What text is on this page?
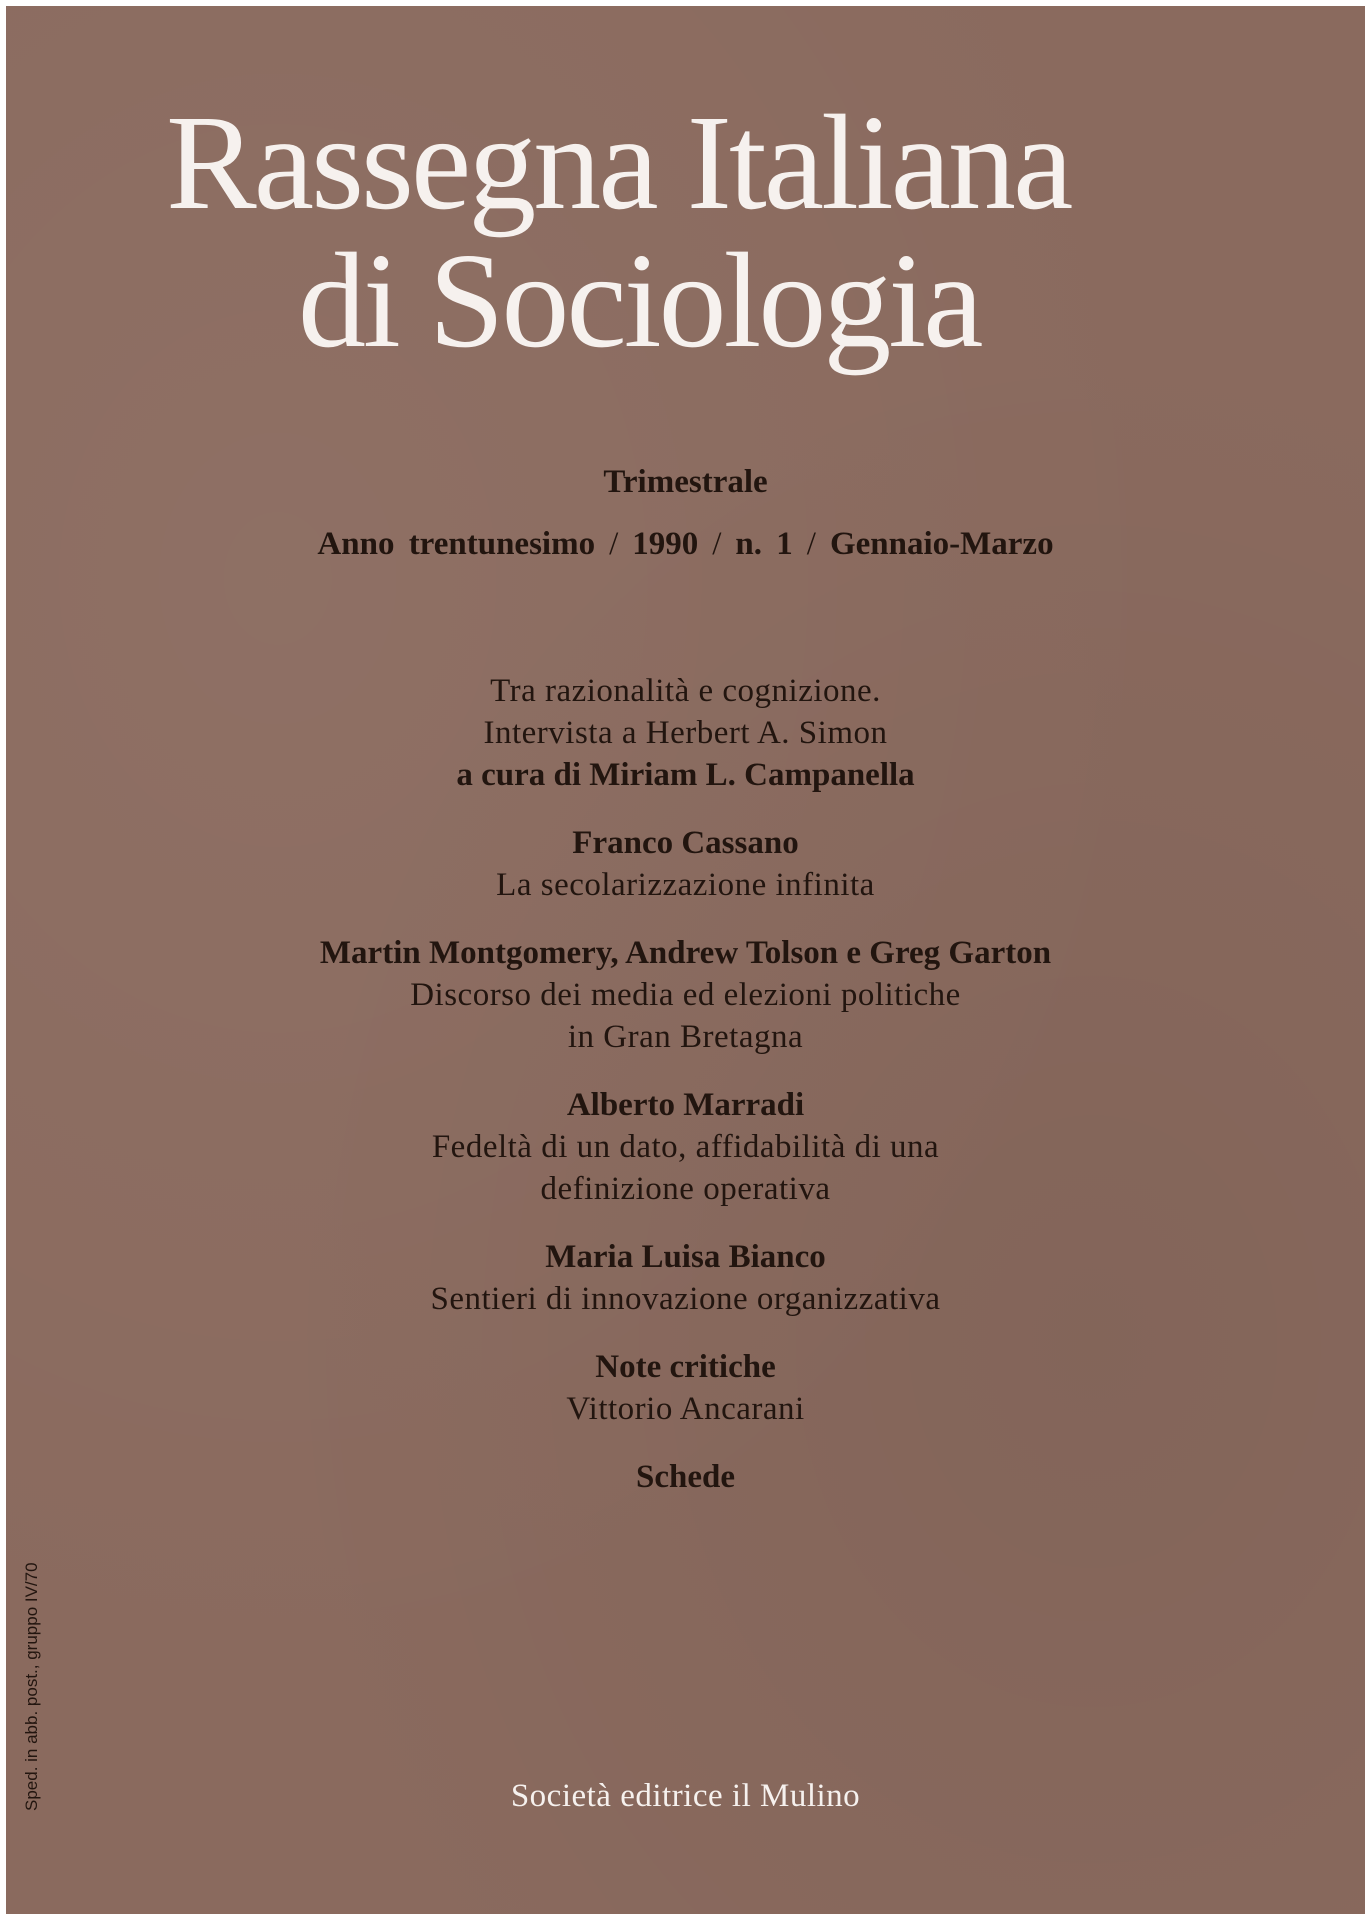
Rassegna Italiana
di Sociologia
Trimestrale
Anno trentunesimo / 1990 / n. 1 / Gennaio-Marzo
Tra razionalità e cognizione.
Intervista a Herbert A. Simon
a cura di Miriam L. Campanella
Franco Cassano
La secolarizzazione infinita
Martin Montgomery, Andrew Tolson e Greg Garton
Discorso dei media ed elezioni politiche
in Gran Bretagna
Alberto Marradi
Fedeltà di un dato, affidabilità di una
definizione operativa
Maria Luisa Bianco
Sentieri di innovazione organizzativa
Note critiche
Vittorio Ancarani
Schede
Società editrice il Mulino
Sped. in abb. post., gruppo IV/70
